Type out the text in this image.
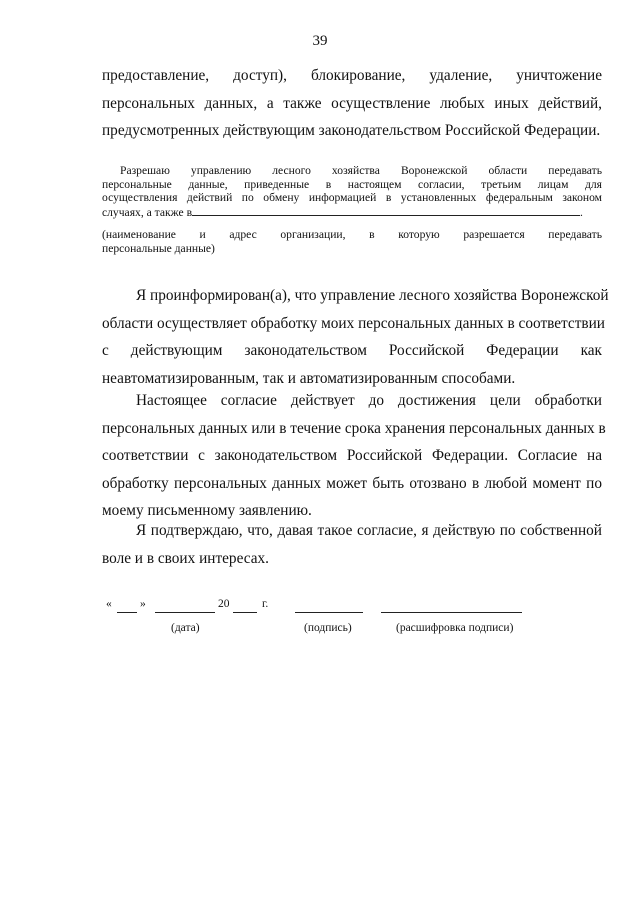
39
предоставление, доступ), блокирование, удаление, уничтожение
персональных данных, а также осуществление любых иных действий,
предусмотренных действующим законодательством Российской Федерации.
Разрешаю управлению лесного хозяйства Воронежской области передавать
персональные данные, приведенные в настоящем согласии, третьим лицам для
осуществления действий по обмену информацией в установленных федеральным законом
случаях, а также в	.
(наименование и адрес организации, в которую разрешается передавать
персональные данные)
Я проинформирован(а), что управление лесного хозяйства Воронежской
области осуществляет обработку моих персональных данных в соответствии
с действующим законодательством Российской Федерации как
неавтоматизированным, так и автоматизированным способами.
Настоящее согласие действует до достижения цели обработки
персональных данных или в течение срока хранения персональных данных в
соответствии с законодательством Российской Федерации. Согласие на
обработку персональных данных может быть отозвано в любой момент по
моему письменному заявлению.
Я подтверждаю, что, давая такое согласие, я действую по собственной
воле и в своих интересах.
« »	20	г.
(дата)	(подпись)	(расшифровка подписи)
